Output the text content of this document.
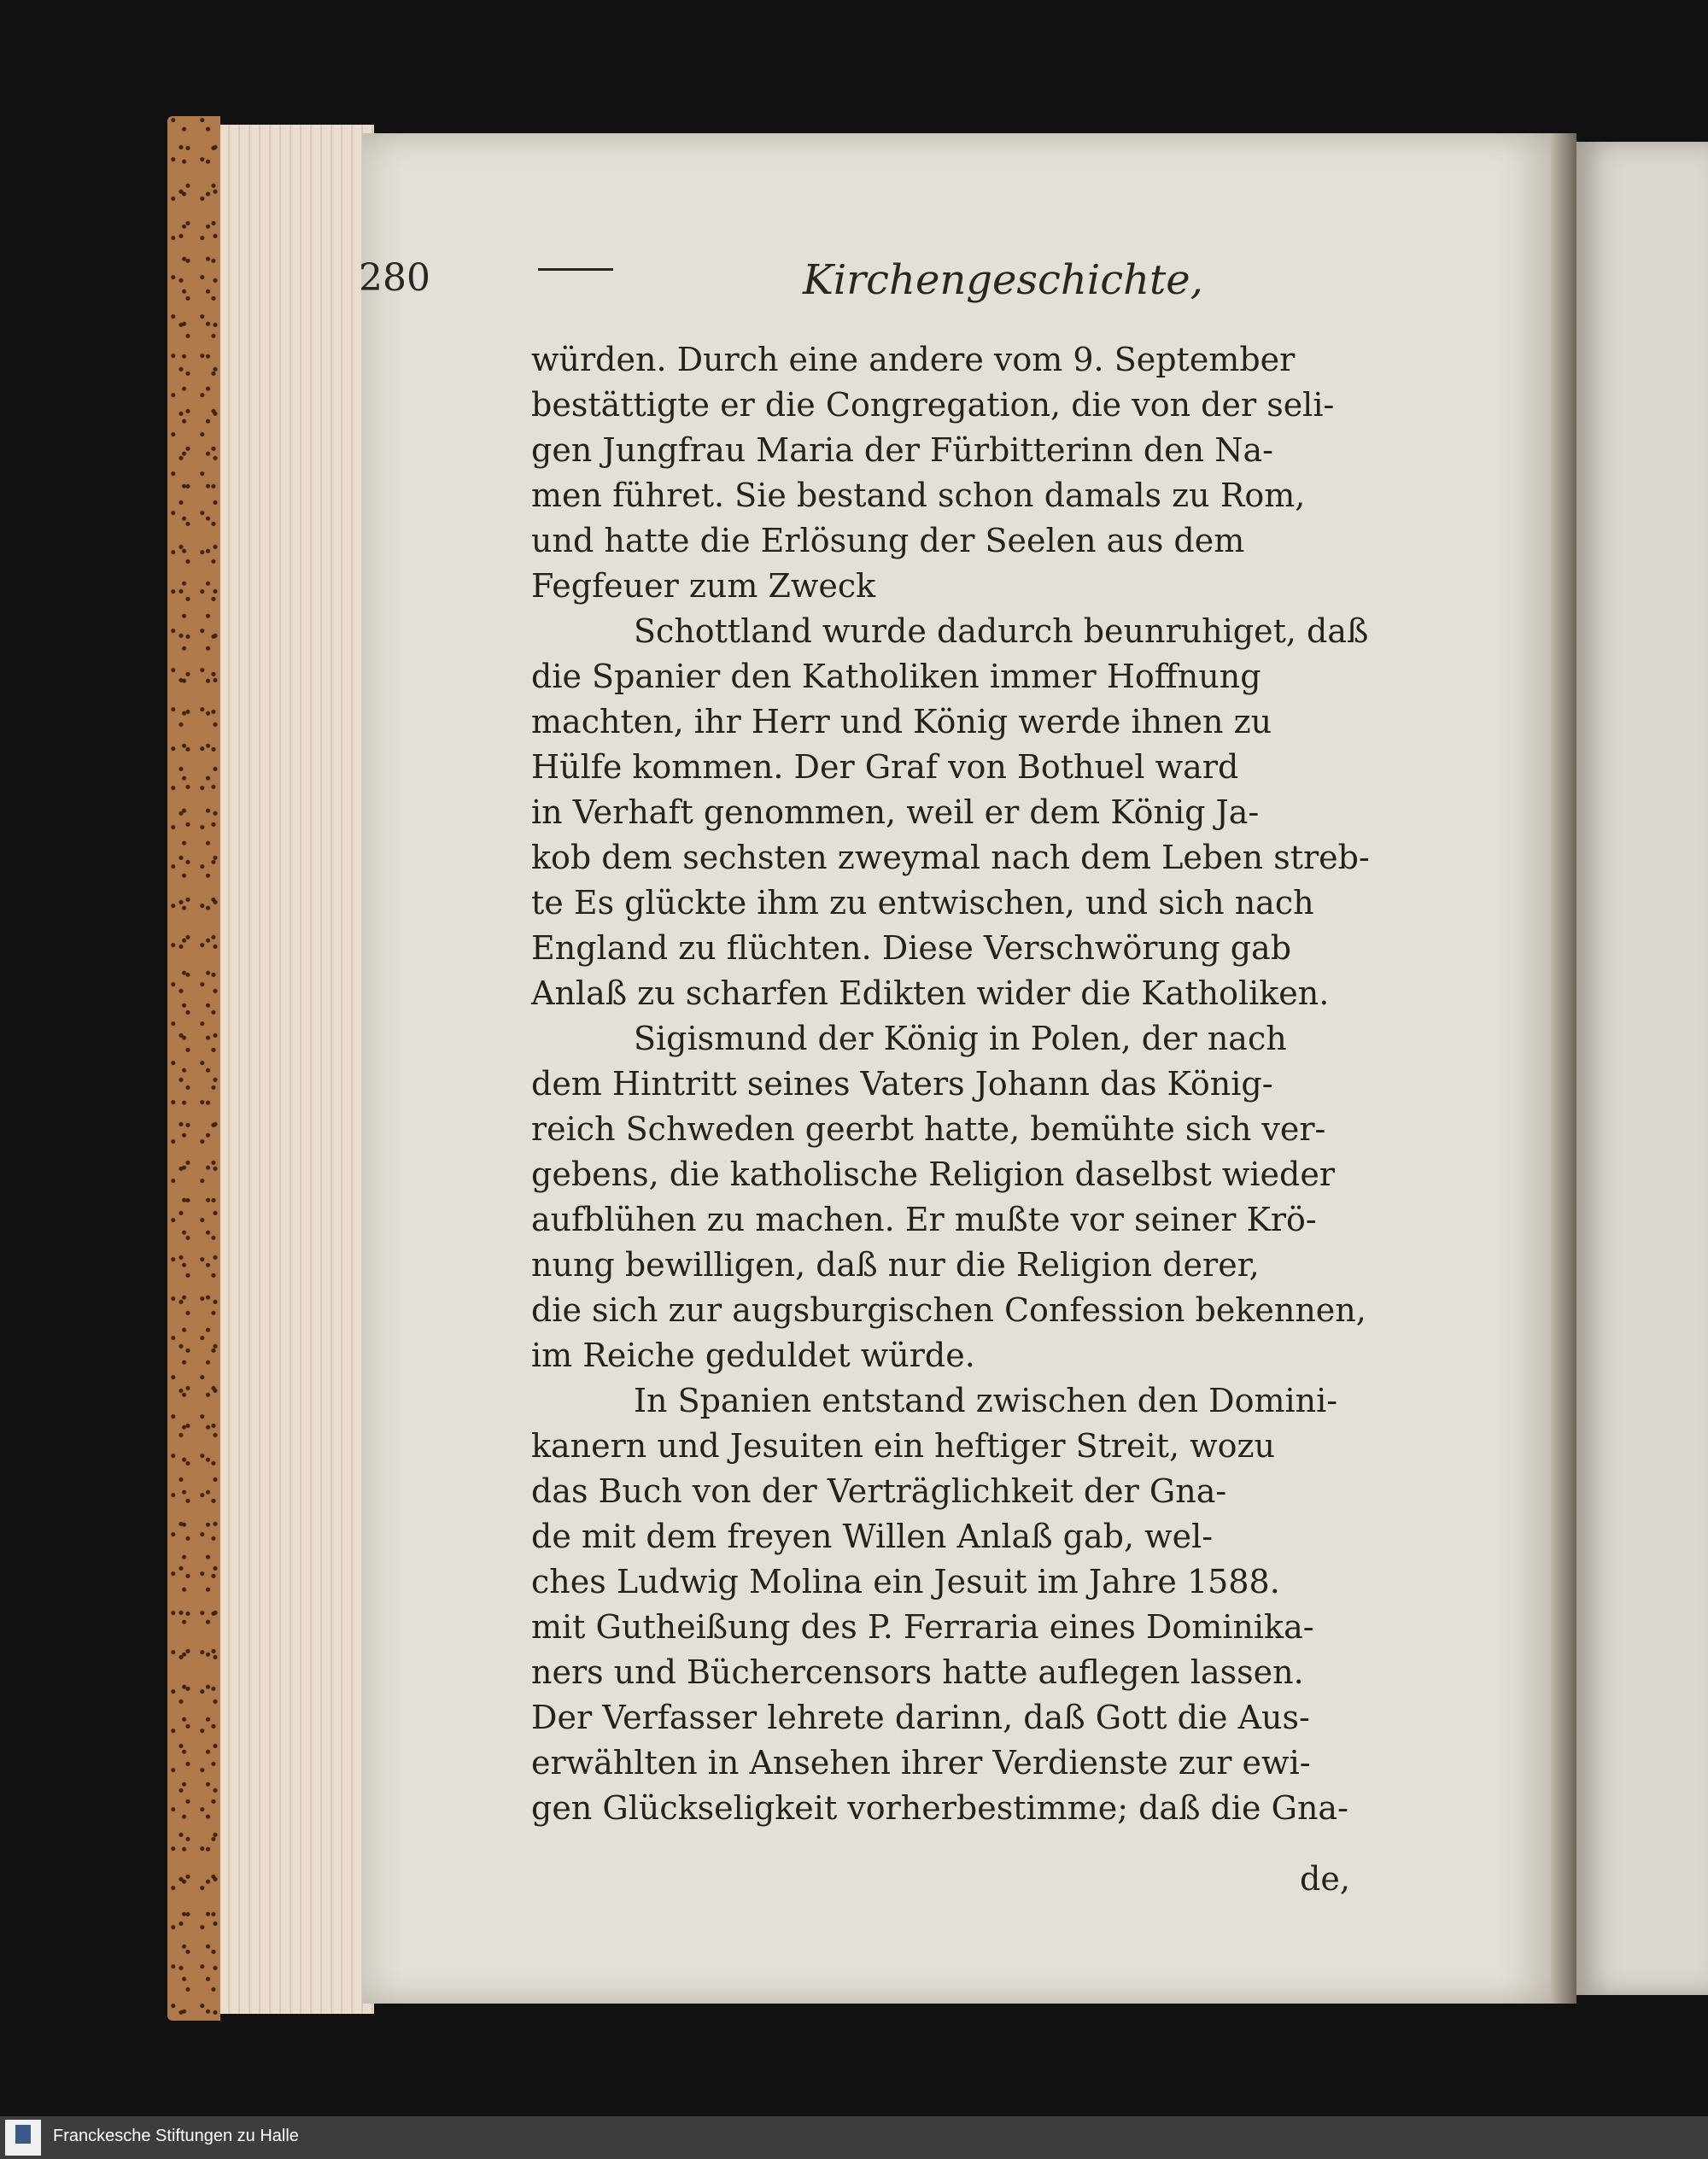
280	Kirchengeschichte,
würden. Durch eine andere vom 9. September
bestättigte er die Congregation, die von der seli-
gen Jungfrau Maria der Fürbitterinn den Na-
men führet. Sie bestand schon damals zu Rom,
und hatte die Erlösung der Seelen aus dem
Fegfeuer zum Zweck
Schottland wurde dadurch beunruhiget, daß
die Spanier den Katholiken immer Hoffnung
machten, ihr Herr und König werde ihnen zu
Hülfe kommen. Der Graf von Bothuel ward
in Verhaft genommen, weil er dem König Ja-
kob dem sechsten zweymal nach dem Leben streb-
te Es glückte ihm zu entwischen, und sich nach
England zu flüchten. Diese Verschwörung gab
Anlaß zu scharfen Edikten wider die Katholiken.
Sigismund der König in Polen, der nach
dem Hintritt seines Vaters Johann das König-
reich Schweden geerbt hatte, bemühte sich ver-
gebens, die katholische Religion daselbst wieder
aufblühen zu machen. Er mußte vor seiner Krö-
nung bewilligen, daß nur die Religion derer,
die sich zur augsburgischen Confession bekennen,
im Reiche geduldet würde.
In Spanien entstand zwischen den Domini-
kanern und Jesuiten ein heftiger Streit, wozu
das Buch von der Verträglichkeit der Gna-
de mit dem freyen Willen Anlaß gab, wel-
ches Ludwig Molina ein Jesuit im Jahre 1588.
mit Gutheißung des P. Ferraria eines Dominika-
ners und Büchercensors hatte auflegen lassen.
Der Verfasser lehrete darinn, daß Gott die Aus-
erwählten in Ansehen ihrer Verdienste zur ewi-
gen Glückseligkeit vorherbestimme; daß die Gna-
de,
Franckesche Stiftungen zu Halle
